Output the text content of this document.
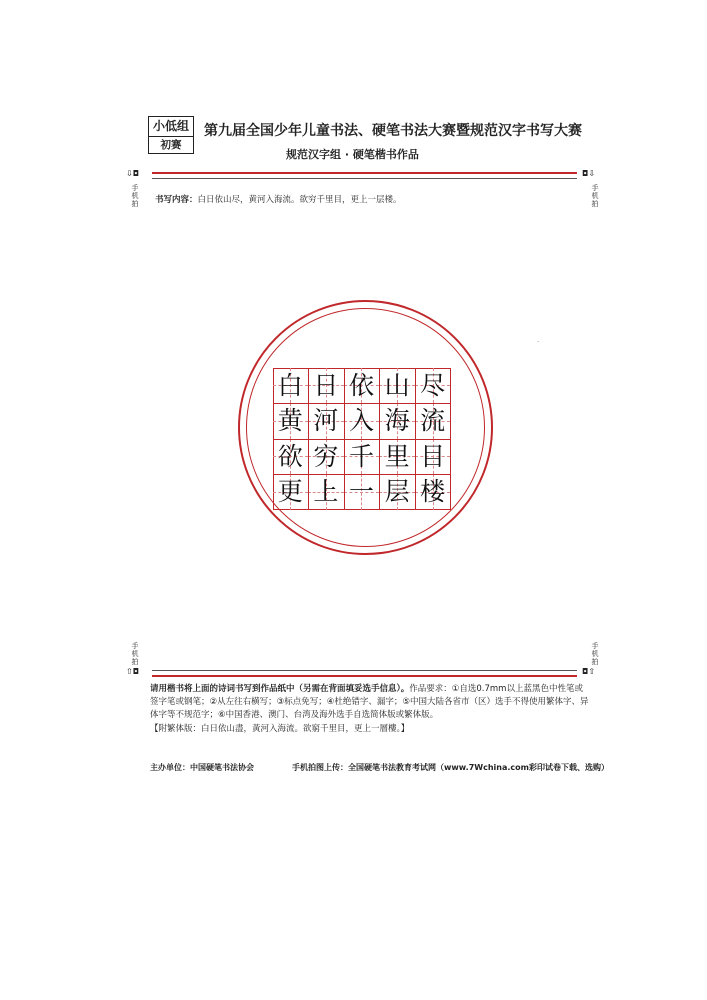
小低组
初赛
第九届全国少年儿童书法、硬笔书法大赛暨规范汉字书写大赛
规范汉字组 · 硬笔楷书作品
⇩◘	◘⇩
手
机
拍
手
机
拍
书写内容：白日依山尽，黄河入海流。欲穷千里目，更上一层楼。
·
白 日 依 山 尽
黄 河 入 海 流
欲 穷 千 里 目
更 上 一 层 楼
手
机
拍
手
机
拍
⇧◘	◘⇧
请用楷书将上面的诗词书写到作品纸中（另需在背面填妥选手信息）。作品要求：①自选0.7mm以上蓝黑色中性笔或签字笔或钢笔；②从左往右横写；③标点免写；④杜绝错字、漏字；⑤中国大陆各省市（区）选手不得使用繁体字、异体字等不规范字；⑥中国香港、澳门、台湾及海外选手自选简体版或繁体版。
【附繁体版：白日依山盡，黃河入海流。欲窮千里目，更上一層樓。】
主办单位：中国硬笔书法协会	手机拍图上传：全国硬笔书法教育考试网（www.7Wchina.com彩印试卷下载、选购）
